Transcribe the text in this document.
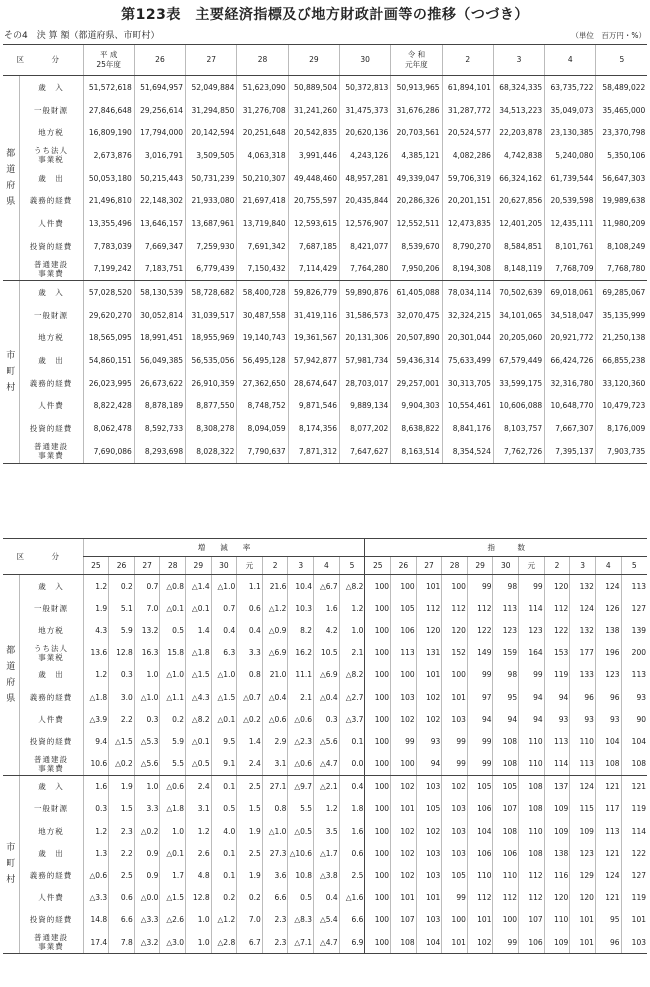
第123表　主要経済指標及び地方財政計画等の推移（つづき）
その4　決 算 額（都道府県、市町村）	（単位　百万円・%）
区　分		平 成
25年度	26	27	28	29	30	令 和
元年度	2	3	4	5
都道府県	歳　入	51,572,618	51,694,957	52,049,884	51,623,090	50,889,504	50,372,813	50,913,965	61,894,101	68,324,335	63,735,722	58,489,022
	一般財源	27,846,648	29,256,614	31,294,850	31,276,708	31,241,260	31,475,373	31,676,286	31,287,772	34,513,223	35,049,073	35,465,000
	地方税	16,809,190	17,794,000	20,142,594	20,251,648	20,542,835	20,620,136	20,703,561	20,524,577	22,203,878	23,130,385	23,370,798
	うち法人
事業税	2,673,876	3,016,791	3,509,505	4,063,318	3,991,446	4,243,126	4,385,121	4,082,286	4,742,838	5,240,080	5,350,106
	歳　出	50,053,180	50,215,443	50,731,239	50,210,307	49,448,460	48,957,281	49,339,047	59,706,319	66,324,162	61,739,544	56,647,303
	義務的経費	21,496,810	22,148,302	21,933,080	21,697,418	20,755,597	20,435,844	20,286,326	20,201,151	20,627,856	20,539,598	19,989,638
	人件費	13,355,496	13,646,157	13,687,961	13,719,840	12,593,615	12,576,907	12,552,511	12,473,835	12,401,205	12,435,111	11,980,209
	投資的経費	7,783,039	7,669,347	7,259,930	7,691,342	7,687,185	8,421,077	8,539,670	8,790,270	8,584,851	8,101,761	8,108,249
	普通建設
事業費	7,199,242	7,183,751	6,779,439	7,150,432	7,114,429	7,764,280	7,950,206	8,194,308	8,148,119	7,768,709	7,768,780
市町村	歳　入	57,028,520	58,130,539	58,728,682	58,400,728	59,826,779	59,890,876	61,405,088	78,034,114	70,502,639	69,018,061	69,285,067
	一般財源	29,620,270	30,052,814	31,039,517	30,487,558	31,419,116	31,586,573	32,070,475	32,324,215	34,101,065	34,518,047	35,135,999
	地方税	18,565,095	18,991,451	18,955,969	19,140,743	19,361,567	20,131,306	20,507,890	20,301,044	20,205,060	20,921,772	21,250,138
	歳　出	54,860,151	56,049,385	56,535,056	56,495,128	57,942,877	57,981,734	59,436,314	75,633,499	67,579,449	66,424,726	66,855,238
	義務的経費	26,023,995	26,673,622	26,910,359	27,362,650	28,674,647	28,703,017	29,257,001	30,313,705	33,599,175	32,316,780	33,120,360
	人件費	8,822,428	8,878,189	8,877,550	8,748,752	9,871,546	9,889,134	9,904,303	10,554,461	10,606,088	10,648,770	10,479,723
	投資的経費	8,062,478	8,592,733	8,308,278	8,094,059	8,174,356	8,077,202	8,638,822	8,841,176	8,103,757	7,667,307	8,176,009
	普通建設
事業費	7,690,086	8,293,698	8,028,322	7,790,637	7,871,312	7,647,627	8,163,514	8,354,524	7,762,726	7,395,137	7,903,735
区　分		増　　減　　率											指　　　数										
		25	26	27	28	29	30	元	2	3	4	5	25	26	27	28	29	30	元	2	3	4	5
都道府県	歳　入	1.2	0.2	0.7	△0.8	△1.4	△1.0	1.1	21.6	10.4	△6.7	△8.2	100	100	101	100	99	98	99	120	132	124	113
	一般財源	1.9	5.1	7.0	△0.1	△0.1	0.7	0.6	△1.2	10.3	1.6	1.2	100	105	112	112	112	113	114	112	124	126	127
	地方税	4.3	5.9	13.2	0.5	1.4	0.4	0.4	△0.9	8.2	4.2	1.0	100	106	120	120	122	123	123	122	132	138	139
	うち法人
事業税	13.6	12.8	16.3	15.8	△1.8	6.3	3.3	△6.9	16.2	10.5	2.1	100	113	131	152	149	159	164	153	177	196	200
	歳　出	1.2	0.3	1.0	△1.0	△1.5	△1.0	0.8	21.0	11.1	△6.9	△8.2	100	100	101	100	99	98	99	119	133	123	113
	義務的経費	△1.8	3.0	△1.0	△1.1	△4.3	△1.5	△0.7	△0.4	2.1	△0.4	△2.7	100	103	102	101	97	95	94	94	96	96	93
	人件費	△3.9	2.2	0.3	0.2	△8.2	△0.1	△0.2	△0.6	△0.6	0.3	△3.7	100	102	102	103	94	94	94	93	93	93	90
	投資的経費	9.4	△1.5	△5.3	5.9	△0.1	9.5	1.4	2.9	△2.3	△5.6	0.1	100	99	93	99	99	108	110	113	110	104	104
	普通建設
事業費	10.6	△0.2	△5.6	5.5	△0.5	9.1	2.4	3.1	△0.6	△4.7	0.0	100	100	94	99	99	108	110	114	113	108	108
市町村	歳　入	1.6	1.9	1.0	△0.6	2.4	0.1	2.5	27.1	△9.7	△2.1	0.4	100	102	103	102	105	105	108	137	124	121	121
	一般財源	0.3	1.5	3.3	△1.8	3.1	0.5	1.5	0.8	5.5	1.2	1.8	100	101	105	103	106	107	108	109	115	117	119
	地方税	1.2	2.3	△0.2	1.0	1.2	4.0	1.9	△1.0	△0.5	3.5	1.6	100	102	102	103	104	108	110	109	109	113	114
	歳　出	1.3	2.2	0.9	△0.1	2.6	0.1	2.5	27.3	△10.6	△1.7	0.6	100	102	103	103	106	106	108	138	123	121	122
	義務的経費	△0.6	2.5	0.9	1.7	4.8	0.1	1.9	3.6	10.8	△3.8	2.5	100	102	103	105	110	110	112	116	129	124	127
	人件費	△3.3	0.6	△0.0	△1.5	12.8	0.2	0.2	6.6	0.5	0.4	△1.6	100	101	101	99	112	112	112	120	120	121	119
	投資的経費	14.8	6.6	△3.3	△2.6	1.0	△1.2	7.0	2.3	△8.3	△5.4	6.6	100	107	103	100	101	100	107	110	101	95	101
	普通建設
事業費	17.4	7.8	△3.2	△3.0	1.0	△2.8	6.7	2.3	△7.1	△4.7	6.9	100	108	104	101	102	99	106	109	101	96	103
